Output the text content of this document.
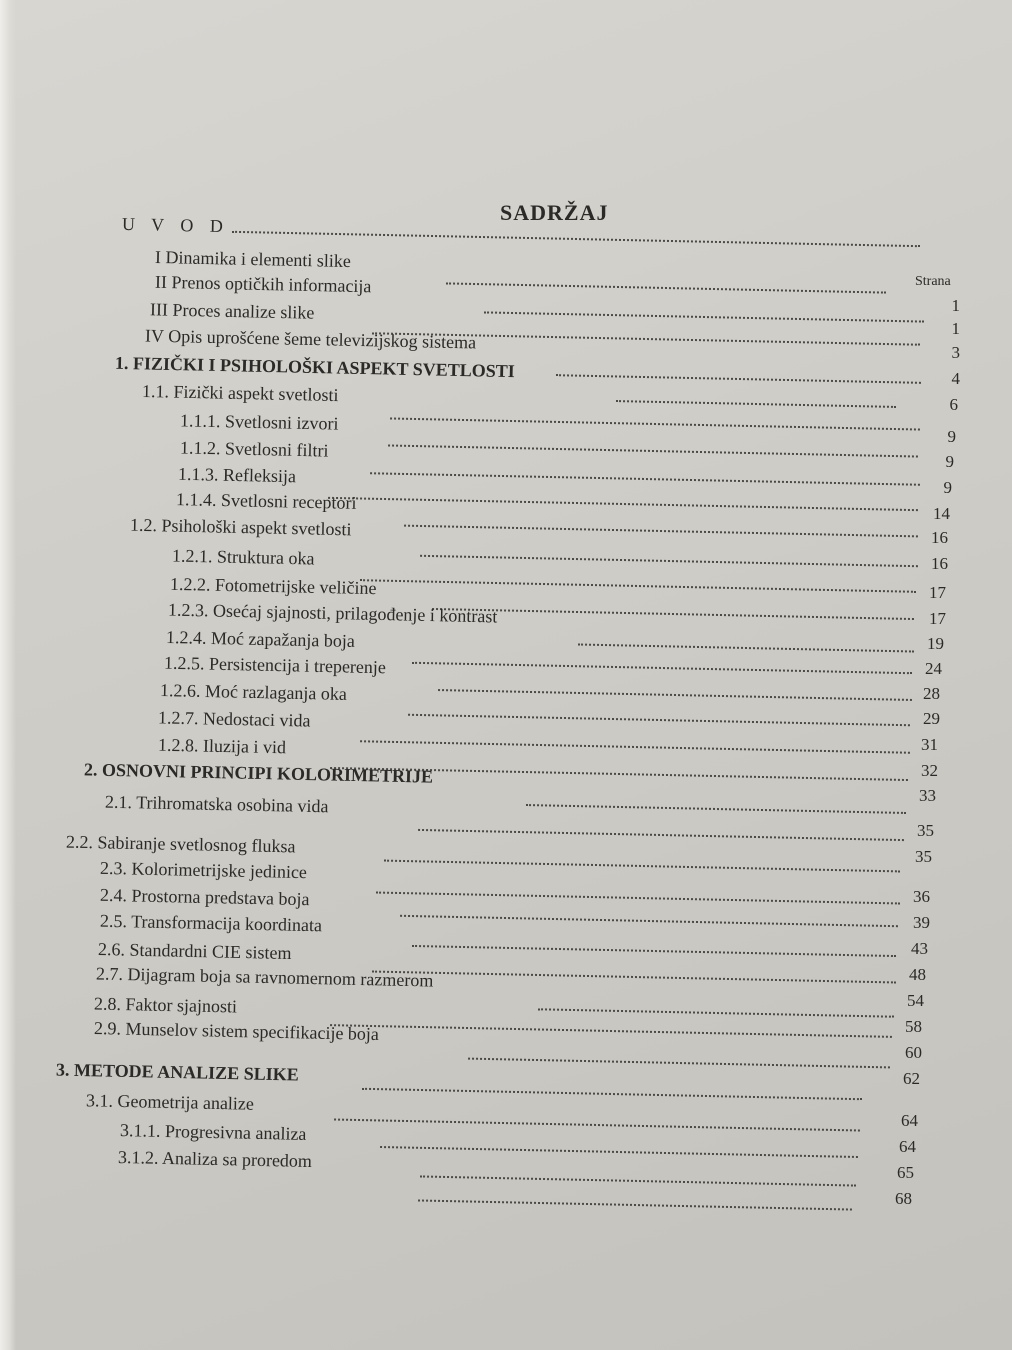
SADRŽAJ
Strana
U V O D
I Dinamika i elementi slike
II Prenos optičkih informacija
III Proces analize slike
IV Opis uprošćene šeme televizijskog sistema
1. FIZIČKI I PSIHOLOŠKI ASPEKT SVETLOSTI
1.1. Fizički aspekt svetlosti
1.1.1. Svetlosni izvori
1.1.2. Svetlosni filtri
1.1.3. Refleksija
1.1.4. Svetlosni receptori
1.2. Psihološki aspekt svetlosti
1.2.1. Struktura oka
1.2.2. Fotometrijske veličine
1.2.3. Osećaj sjajnosti, prilagođenje i kontrast
1.2.4. Moć zapažanja boja
1.2.5. Persistencija i treperenje
1.2.6. Moć razlaganja oka
1.2.7. Nedostaci vida
1.2.8. Iluzija i vid
2. OSNOVNI PRINCIPI KOLORIMETRIJE
2.1. Trihromatska osobina vida
2.2. Sabiranje svetlosnog fluksa
2.3. Kolorimetrijske jedinice
2.4. Prostorna predstava boja
2.5. Transformacija koordinata
2.6. Standardni CIE sistem
2.7. Dijagram boja sa ravnomernom razmerom
2.8. Faktor sjajnosti
2.9. Munselov sistem specifikacije boja
3. METODE ANALIZE SLIKE
3.1. Geometrija analize
3.1.1. Progresivna analiza
3.1.2. Analiza sa proredom
1
1
3
4
6
9
9
9
14
16
16
17
17
19
24
28
29
31
32
33
35
35
36
39
43
48
54
58
60
62
64
64
65
68
